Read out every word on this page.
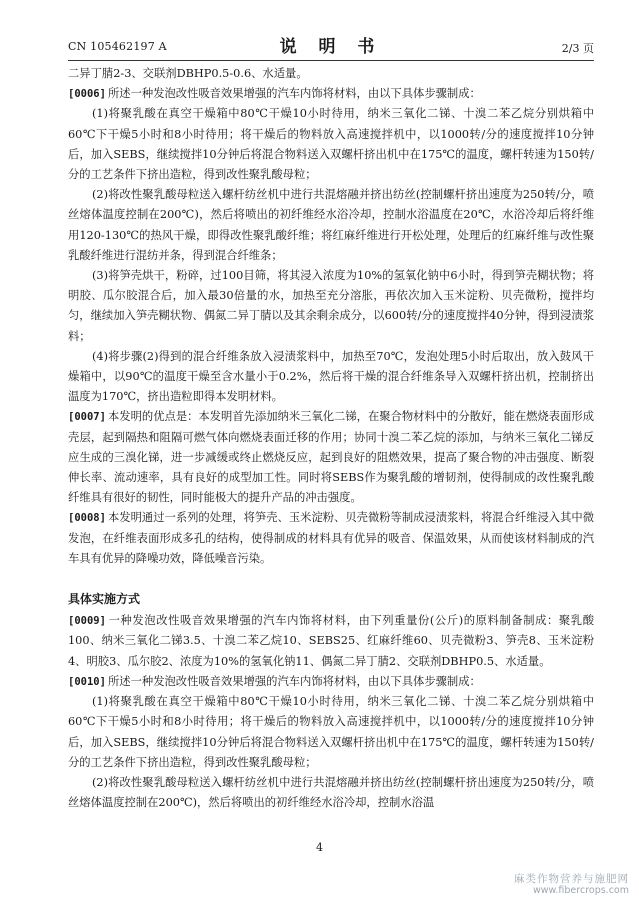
CN 105462197 A	说 明 书	2/3 页

二异丁腈2-3、交联剂DBHP0.5-0.6、水适量。

[0006] 所述一种发泡改性吸音效果增强的汽车内饰将材料，由以下具体步骤制成：

(1)将聚乳酸在真空干燥箱中80℃干燥10小时待用，纳米三氧化二锑、十溴二苯乙烷分别烘箱中60℃下干燥5小时和8小时待用；将干燥后的物料放入高速搅拌机中，以1000转/分的速度搅拌10分钟后，加入SEBS，继续搅拌10分钟后将混合物料送入双螺杆挤出机中在175℃的温度，螺杆转速为150转/分的工艺条件下挤出造粒，得到改性聚乳酸母粒；

(2)将改性聚乳酸母粒送入螺杆纺丝机中进行共混熔融并挤出纺丝(控制螺杆挤出速度为250转/分，喷丝熔体温度控制在200℃)，然后将喷出的初纤维经水浴冷却，控制水浴温度在20℃，水浴冷却后将纤维用120-130℃的热风干燥，即得改性聚乳酸纤维；将红麻纤维进行开松处理，处理后的红麻纤维与改性聚乳酸纤维进行混纺并条，得到混合纤维条；

(3)将笋壳烘干，粉碎，过100目筛，将其浸入浓度为10%的氢氧化钠中6小时，得到笋壳糊状物；将明胶、瓜尔胶混合后，加入最30倍量的水，加热至充分溶胀，再依次加入玉米淀粉、贝壳微粉，搅拌均匀，继续加入笋壳糊状物、偶氮二异丁腈以及其余剩余成分，以600转/分的速度搅拌40分钟，得到浸渍浆料；

(4)将步骤(2)得到的混合纤维条放入浸渍浆料中，加热至70℃，发泡处理5小时后取出，放入鼓风干燥箱中，以90℃的温度干燥至含水量小于0.2%，然后将干燥的混合纤维条导入双螺杆挤出机，控制挤出温度为170℃，挤出造粒即得本发明材料。

[0007] 本发明的优点是：本发明首先添加纳米三氧化二锑，在聚合物材料中的分散好，能在燃烧表面形成壳层，起到隔热和阻隔可燃气体向燃烧表面迁移的作用；协同十溴二苯乙烷的添加，与纳米三氧化二锑反应生成的三溴化锑，进一步减缓或终止燃烧反应，起到良好的阻燃效果，提高了聚合物的冲击强度、断裂伸长率、流动速率，具有良好的成型加工性。同时将SEBS作为聚乳酸的增韧剂，使得制成的改性聚乳酸纤维具有很好的韧性，同时能极大的提升产品的冲击强度。

[0008] 本发明通过一系列的处理，将笋壳、玉米淀粉、贝壳微粉等制成浸渍浆料，将混合纤维浸入其中微发泡，在纤维表面形成多孔的结构，使得制成的材料具有优异的吸音、保温效果，从而使该材料制成的汽车具有优异的降噪功效，降低噪音污染。

具体实施方式

[0009] 一种发泡改性吸音效果增强的汽车内饰将材料，由下列重量份(公斤)的原料制备制成：聚乳酸100、纳米三氧化二锑3.5、十溴二苯乙烷10、SEBS25、红麻纤维60、贝壳微粉3、笋壳8、玉米淀粉4、明胶3、瓜尔胶2、浓度为10%的氢氧化钠11、偶氮二异丁腈2、交联剂DBHP0.5、水适量。

[0010] 所述一种发泡改性吸音效果增强的汽车内饰将材料，由以下具体步骤制成：

(1)将聚乳酸在真空干燥箱中80℃干燥10小时待用，纳米三氧化二锑、十溴二苯乙烷分别烘箱中60℃下干燥5小时和8小时待用；将干燥后的物料放入高速搅拌机中，以1000转/分的速度搅拌10分钟后，加入SEBS，继续搅拌10分钟后将混合物料送入双螺杆挤出机中在175℃的温度，螺杆转速为150转/分的工艺条件下挤出造粒，得到改性聚乳酸母粒；

(2)将改性聚乳酸母粒送入螺杆纺丝机中进行共混熔融并挤出纺丝(控制螺杆挤出速度为250转/分，喷丝熔体温度控制在200℃)，然后将喷出的初纤维经水浴冷却，控制水浴温

4
麻类作物营养与施肥网
www.fibercrops.com
